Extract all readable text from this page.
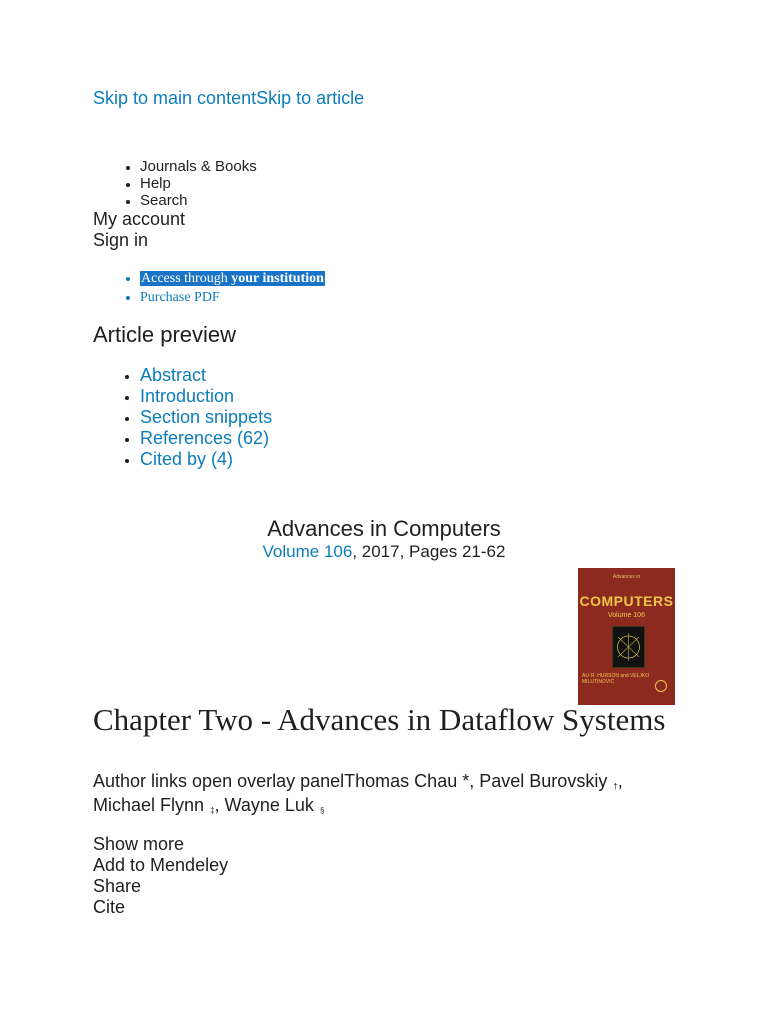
Skip to main contentSkip to article
• Journals & Books
• Help
• Search
My account
Sign in
• Access through your institution
• Purchase PDF
Article preview
• Abstract
• Introduction
• Section snippets
• References (62)
• Cited by (4)
Advances in Computers
Volume 106, 2017, Pages 21-62
Advances in
COMPUTERS
Volume 106
ALI R. HURSON and VELJKO MILUTINOVIĆ
Chapter Two - Advances in Dataflow Systems
Author links open overlay panelThomas Chau *, Pavel Burovskiy †, Michael Flynn ‡, Wayne Luk §
Show more
Add to Mendeley
Share
Cite
